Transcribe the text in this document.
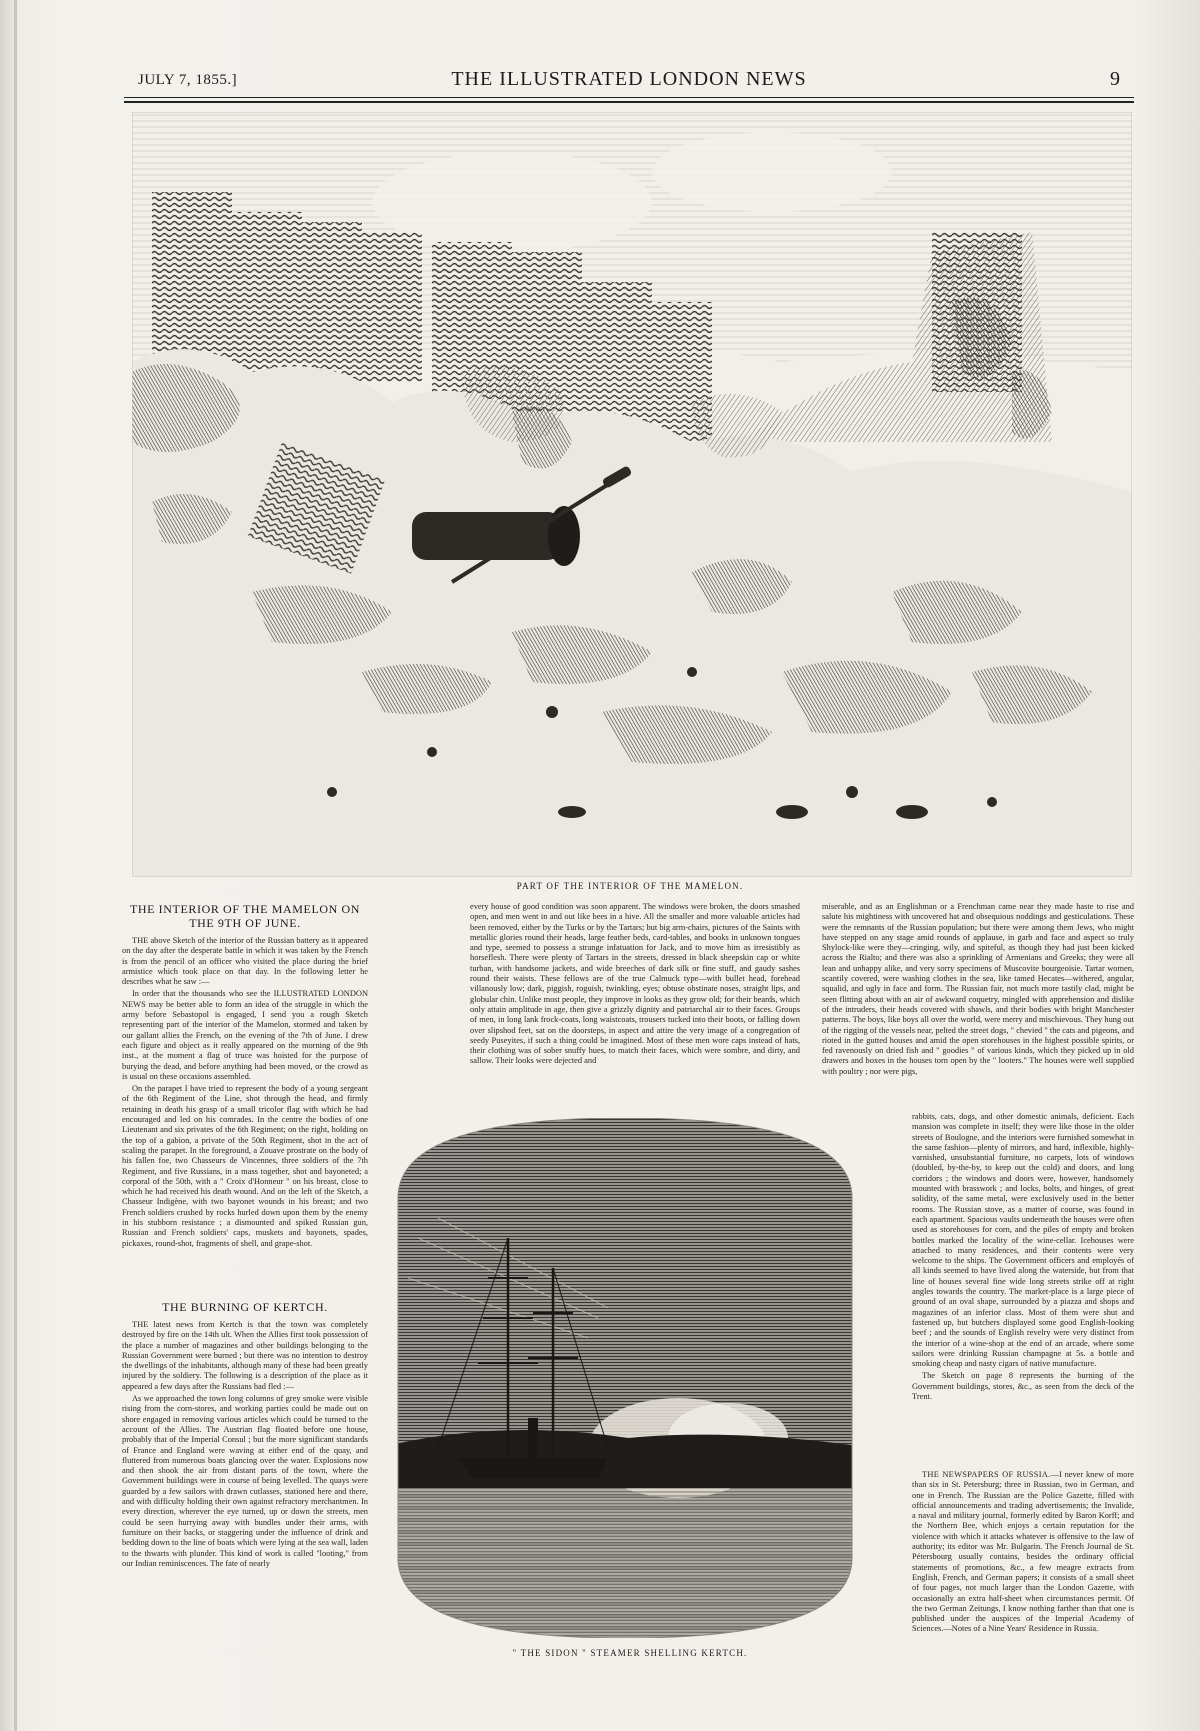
JULY 7, 1855.]	THE ILLUSTRATED LONDON NEWS	9
PART OF THE INTERIOR OF THE MAMELON.
THE INTERIOR OF THE MAMELON ON THE 9TH OF JUNE.

THE above Sketch of the interior of the Russian battery as it appeared on the day after the desperate battle in which it was taken by the French is from the pencil of an officer who visited the place during the brief armistice which took place on that day. In the following letter he describes what he saw :—

In order that the thousands who see the ILLUSTRATED LONDON NEWS may be better able to form an idea of the struggle in which the army before Sebastopol is engaged, I send you a rough Sketch representing part of the interior of the Mamelon, stormed and taken by our gallant allies the French, on the evening of the 7th of June. I drew each figure and object as it really appeared on the morning of the 9th inst., at the moment a flag of truce was hoisted for the purpose of burying the dead, and before anything had been moved, or the crowd as is usual on these occasions assembled.

On the parapet I have tried to represent the body of a young sergeant of the 6th Regiment of the Line, shot through the head, and firmly retaining in death his grasp of a small tricolor flag with which he had encouraged and led on his comrades. In the centre the bodies of one Lieutenant and six privates of the 6th Regiment; on the right, holding on the top of a gabion, a private of the 50th Regiment, shot in the act of scaling the parapet. In the foreground, a Zouave prostrate on the body of his fallen foe, two Chasseurs de Vincennes, three soldiers of the 7th Regiment, and five Russians, in a mass together, shot and bayoneted; a corporal of the 50th, with a " Croix d'Honneur " on his breast, close to which he had received his death wound. And on the left of the Sketch, a Chasseur Indigène, with two bayonet wounds in his breast; and two French soldiers crushed by rocks hurled down upon them by the enemy in his stubborn resistance ; a dismounted and spiked Russian gun, Russian and French soldiers' caps, muskets and bayonets, spades, pickaxes, round-shot, fragments of shell, and grape-shot.

THE BURNING OF KERTCH.

THE latest news from Kertch is that the town was completely destroyed by fire on the 14th ult. When the Allies first took possession of the place a number of magazines and other buildings belonging to the Russian Government were burned ; but there was no intention to destroy the dwellings of the inhabitants, although many of these had been greatly injured by the soldiery. The following is a description of the place as it appeared a few days after the Russians had fled :—

As we approached the town long columns of grey smoke were visible rising from the corn-stores, and working parties could be made out on shore engaged in removing various articles which could be turned to the account of the Allies. The Austrian flag floated before one house, probably that of the Imperial Consul ; but the more significant standards of France and England were waving at either end of the quay, and fluttered from numerous boats glancing over the water. Explosions now and then shook the air from distant parts of the town, where the Government buildings were in course of being levelled. The quays were guarded by a few sailors with drawn cutlasses, stationed here and there, and with difficulty holding their own against refractory merchantmen. In every direction, wherever the eye turned, up or down the streets, men could be seen hurrying away with bundles under their arms, with furniture on their backs, or staggering under the influence of drink and bedding down to the line of boats which were lying at the sea wall, laden to the thwarts with plunder. This kind of work is called "looting," from our Indian reminiscences. The fate of nearly

every house of good condition was soon apparent. The windows were broken, the doors smashed open, and men went in and out like bees in a hive. All the smaller and more valuable articles had been removed, either by the Turks or by the Tartars; but big arm-chairs, pictures of the Saints with metallic glories round their heads, large feather beds, card-tables, and books in unknown tongues and type, seemed to possess a strange infatuation for Jack, and to move him as irresistibly as horseflesh. There were plenty of Tartars in the streets, dressed in black sheepskin cap or white turban, with handsome jackets, and wide breeches of dark silk or fine stuff, and gaudy sashes round their waists. These fellows are of the true Calmuck type—with bullet head, forehead villanously low; dark, piggish, roguish, twinkling, eyes; obtuse obstinate noses, straight lips, and globular chin. Unlike most people, they improve in looks as they grow old; for their beards, which only attain amplitude in age, then give a grizzly dignity and patriarchal air to their faces. Groups of men, in long lank frock-coats, long waistcoats, trousers tucked into their boots, or falling down over slipshod feet, sat on the doorsteps, in aspect and attire the very image of a congregation of seedy Puseyites, if such a thing could be imagined. Most of these men wore caps instead of hats, their clothing was of sober snuffy hues, to match their faces, which were sombre, and dirty, and sallow. Their looks were dejected and

miserable, and as an Englishman or a Frenchman came near they made haste to rise and salute his mightiness with uncovered hat and obsequious noddings and gesticulations. These were the remnants of the Russian population; but there were among them Jews, who might have stepped on any stage amid rounds of applause, in garb and face and aspect so truly Shylock-like were they—cringing, wily, and spiteful, as though they had just been kicked across the Rialto; and there was also a sprinkling of Armenians and Greeks; they were all lean and unhappy alike, and very sorry specimens of Muscovite bourgeoisie. Tartar women, scantily covered, were washing clothes in the sea, like tamed Hecates—withered, angular, squalid, and ugly in face and form. The Russian fair, not much more tastily clad, might be seen flitting about with an air of awkward coquetry, mingled with apprehension and dislike of the intruders, their heads covered with shawls, and their bodies with bright Manchester patterns. The boys, like boys all over the world, were merry and mischievous. They hung out of the rigging of the vessels near, pelted the street dogs, " chevied " the cats and pigeons, and rioted in the gutted houses and amid the open storehouses in the highest possible spirits, or fed ravenously on dried fish and " goodies " of various kinds, which they picked up in old drawers and boxes in the houses torn open by the " looters." The houses were well supplied with poultry ; nor were pigs,

rabbits, cats, dogs, and other domestic animals, deficient. Each mansion was complete in itself; they were like those in the older streets of Boulogne, and the interiors were furnished somewhat in the same fashion—plenty of mirrors, and hard, inflexible, highly-varnished, unsubstantial furniture, no carpets, lots of windows (doubled, by-the-by, to keep out the cold) and doors, and long corridors ; the windows and doors were, however, handsomely mounted with brasswork ; and locks, bolts, and hinges, of great solidity, of the same metal, were exclusively used in the better rooms. The Russian stove, as a matter of course, was found in each apartment. Spacious vaults underneath the houses were often used as storehouses for corn, and the piles of empty and broken bottles marked the locality of the wine-cellar. Icehouses were attached to many residences, and their contents were very welcome to the ships. The Government officers and employés of all kinds seemed to have lived along the waterside, but from that line of houses several fine wide long streets strike off at right angles towards the country. The market-place is a large piece of ground of an oval shape, surrounded by a piazza and shops and magazines of an inferior class. Most of them were shut and fastened up, but butchers displayed some good English-looking beef ; and the sounds of English revelry were very distinct from the interior of a wine-shop at the end of an arcade, where some sailors were drinking Russian champagne at 5s. a bottle and smoking cheap and nasty cigars of native manufacture.

The Sketch on page 8 represents the burning of the Government buildings, stores, &c., as seen from the deck of the Trent.

THE NEWSPAPERS OF RUSSIA.—I never knew of more than six in St. Petersburg; three in Russian, two in German, and one in French. The Russian are the Police Gazette, filled with official announcements and trading advertisements; the Invalide, a naval and military journal, formerly edited by Baron Korff; and the Northern Bee, which enjoys a certain reputation for the violence with which it attacks whatever is offensive to the law of authority; its editor was Mr. Bulgarin. The French Journal de St. Pétersbourg usually contains, besides the ordinary official statements of promotions, &c., a few meagre extracts from English, French, and German papers; it consists of a small sheet of four pages, not much larger than the London Gazette, with occasionally an extra half-sheet when circumstances permit. Of the two German Zeitungs, I know nothing farther than that one is published under the auspices of the Imperial Academy of Sciences.—Notes of a Nine Years' Residence in Russia.

" THE SIDON " STEAMER SHELLING KERTCH.
